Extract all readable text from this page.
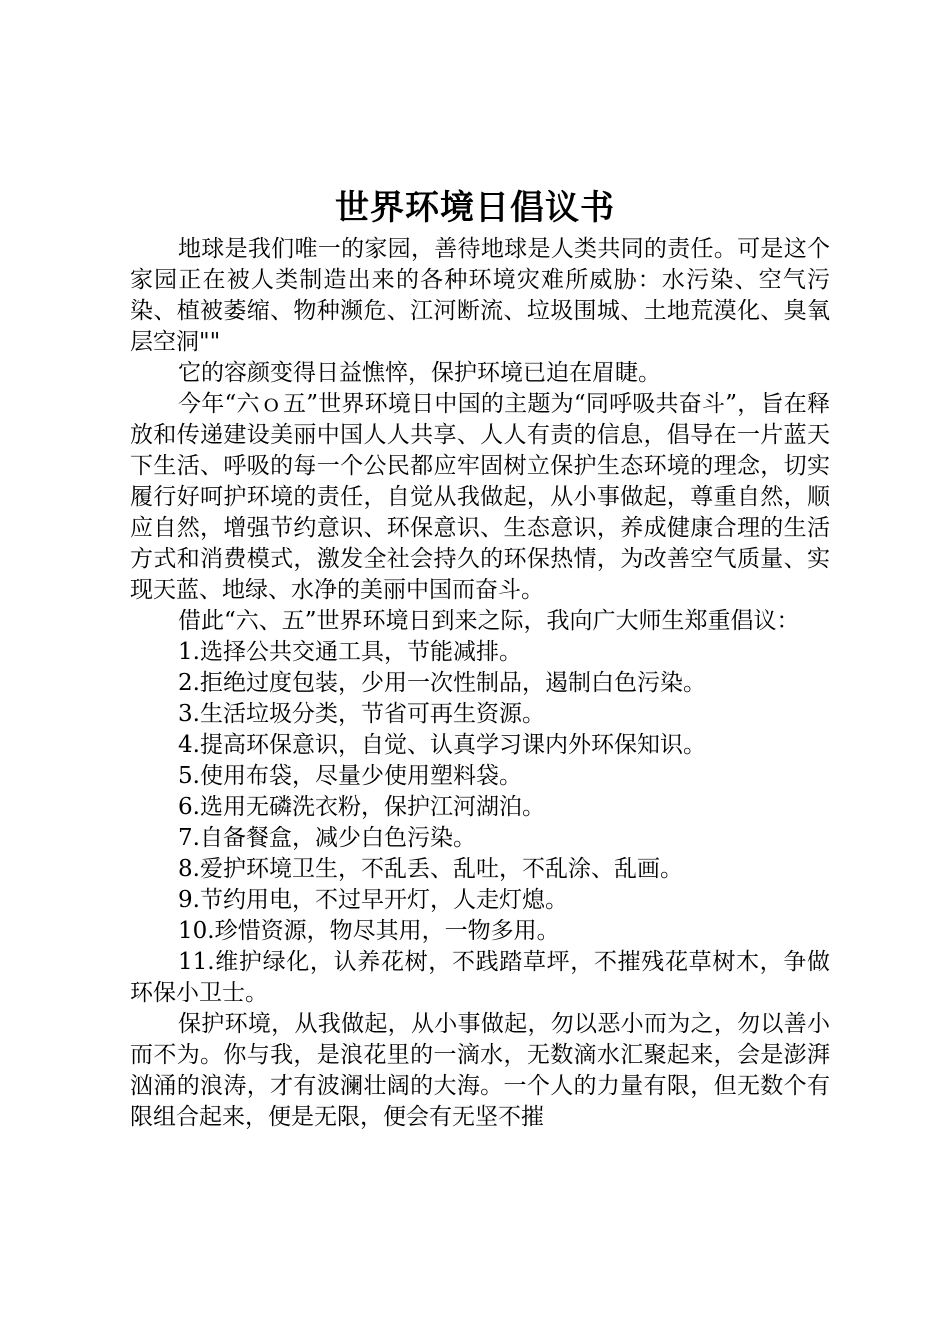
世界环境日倡议书

地球是我们唯一的家园，善待地球是人类共同的责任。可是这个家园正在被人类制造出来的各种环境灾难所威胁：水污染、空气污染、植被萎缩、物种濒危、江河断流、垃圾围城、土地荒漠化、臭氧层空洞""

它的容颜变得日益憔悴，保护环境已迫在眉睫。

今年“六ｏ五”世界环境日中国的主题为“同呼吸共奋斗”，旨在释放和传递建设美丽中国人人共享、人人有责的信息，倡导在一片蓝天下生活、呼吸的每一个公民都应牢固树立保护生态环境的理念，切实履行好呵护环境的责任，自觉从我做起，从小事做起，尊重自然，顺应自然，增强节约意识、环保意识、生态意识，养成健康合理的生活方式和消费模式，激发全社会持久的环保热情，为改善空气质量、实现天蓝、地绿、水净的美丽中国而奋斗。

借此“六、五”世界环境日到来之际，我向广大师生郑重倡议：

1.选择公共交通工具，节能减排。

2.拒绝过度包装，少用一次性制品，遏制白色污染。

3.生活垃圾分类，节省可再生资源。

4.提高环保意识，自觉、认真学习课内外环保知识。

5.使用布袋，尽量少使用塑料袋。

6.选用无磷洗衣粉，保护江河湖泊。

7.自备餐盒，减少白色污染。

8.爱护环境卫生，不乱丢、乱吐，不乱涂、乱画。

9.节约用电，不过早开灯，人走灯熄。

10.珍惜资源，物尽其用，一物多用。

11.维护绿化，认养花树，不践踏草坪，不摧残花草树木，争做环保小卫士。

保护环境，从我做起，从小事做起，勿以恶小而为之，勿以善小而不为。你与我，是浪花里的一滴水，无数滴水汇聚起来，会是澎湃汹涌的浪涛，才有波澜壮阔的大海。一个人的力量有限，但无数个有限组合起来，便是无限，便会有无坚不摧
